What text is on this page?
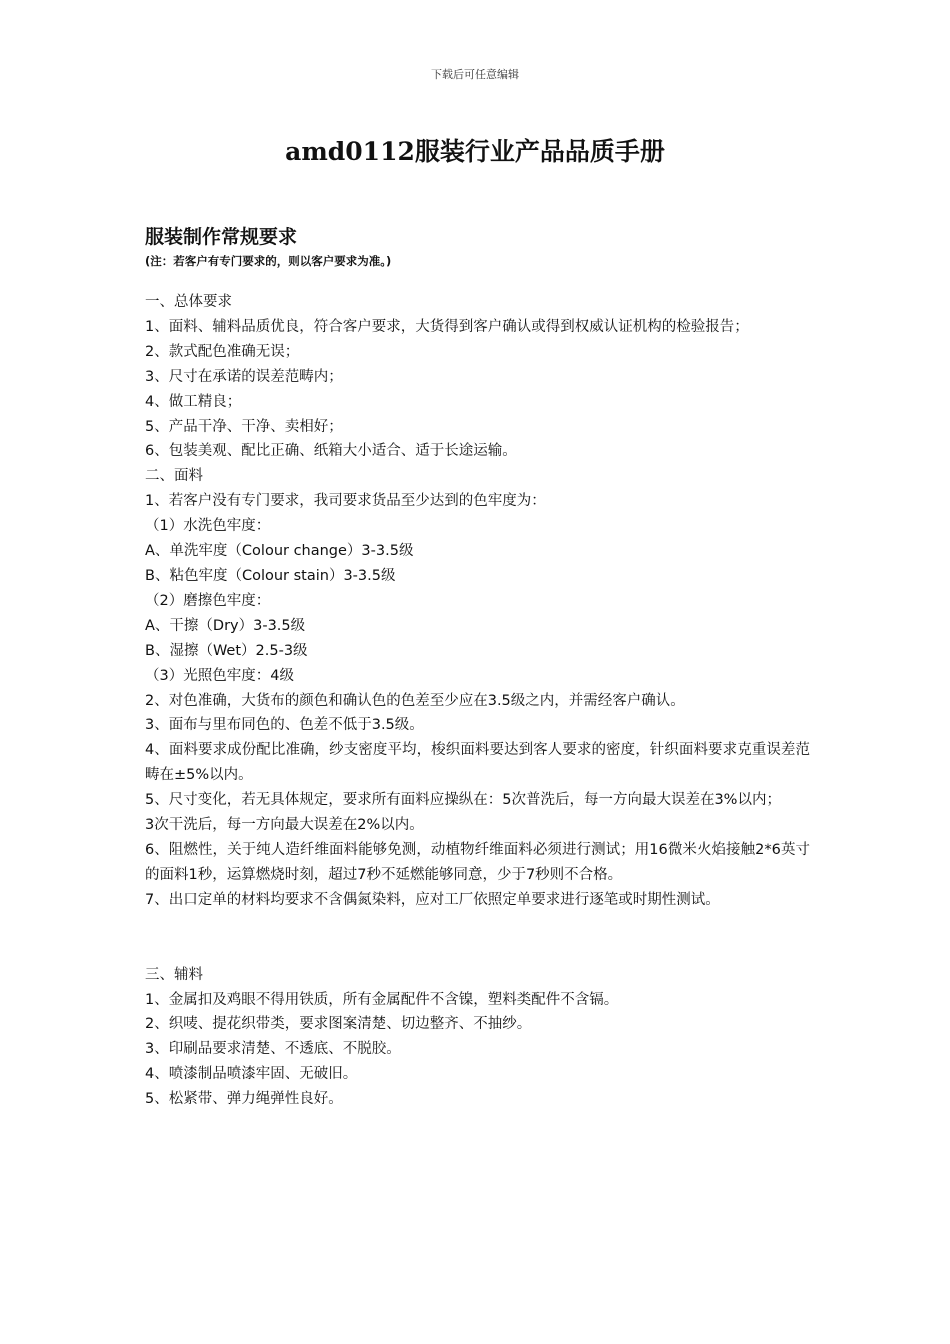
下载后可任意编辑
amd0112服装行业产品品质手册
服装制作常规要求

(注：若客户有专门要求的，则以客户要求为准。)

一、总体要求

1、面料、辅料品质优良，符合客户要求，大货得到客户确认或得到权威认证机构的检验报告；

2、款式配色准确无误；

3、尺寸在承诺的误差范畴内；

4、做工精良；

5、产品干净、干净、卖相好；

6、包装美观、配比正确、纸箱大小适合、适于长途运输。

二、面料

1、若客户没有专门要求，我司要求货品至少达到的色牢度为：

（1）水洗色牢度：

A、单洗牢度（Colour change）3-3.5级

B、粘色牢度（Colour stain）3-3.5级

（2）磨擦色牢度：

A、干擦（Dry）3-3.5级

B、湿擦（Wet）2.5-3级

（3）光照色牢度：4级

2、对色准确，大货布的颜色和确认色的色差至少应在3.5级之内，并需经客户确认。

3、面布与里布同色的、色差不低于3.5级。

4、面料要求成份配比准确，纱支密度平均，梭织面料要达到客人要求的密度，针织面料要求克重误差范畴在±5%以内。

5、尺寸变化，若无具体规定，要求所有面料应操纵在：5次普洗后，每一方向最大误差在3%以内；

3次干洗后，每一方向最大误差在2%以内。

6、阻燃性，关于纯人造纤维面料能够免测，动植物纤维面料必须进行测试；用16微米火焰接触2*6英寸的面料1秒，运算燃烧时刻，超过7秒不延燃能够同意，少于7秒则不合格。

7、出口定单的材料均要求不含偶氮染料，应对工厂依照定单要求进行逐笔或时期性测试。

三、辅料

1、金属扣及鸡眼不得用铁质，所有金属配件不含镍，塑料类配件不含镉。

2、织唛、提花织带类，要求图案清楚、切边整齐、不抽纱。

3、印刷品要求清楚、不透底、不脱胶。

4、喷漆制品喷漆牢固、无破旧。

5、松紧带、弹力绳弹性良好。
